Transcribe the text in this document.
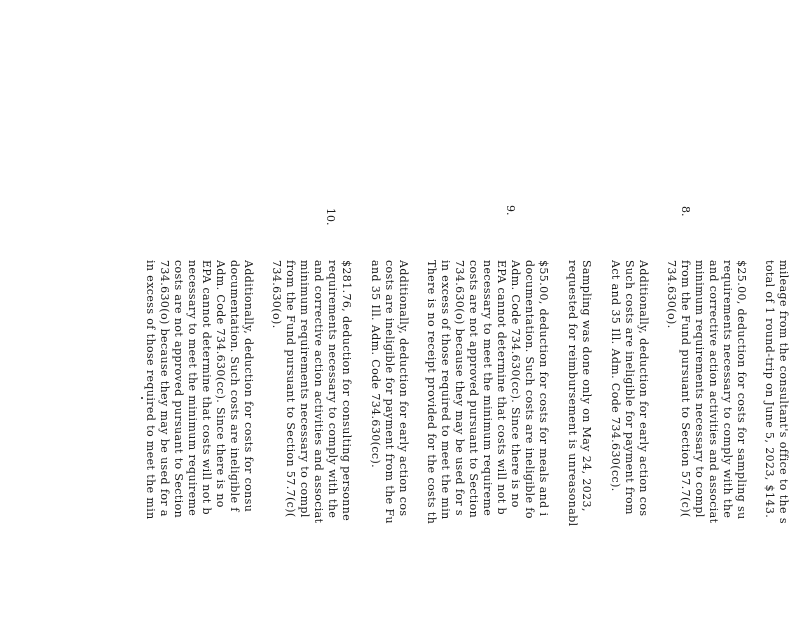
8.
9.
10.
mileage from the consultant's office to the s
total of 1 round-trip on June 5, 2023, $143.
$25.00, deduction for costs for sampling su
requirements necessary to comply with the
and corrective action activities and associat
minimum requirements necessary to compl
from the Fund pursuant to Section 57.7(c)(
734.630(o).
Additionally, deduction for early action cos
Such costs are ineligible for payment from
Act and 35 Ill. Adm. Code 734.630(cc).
Sampling was done only on May 24, 2023,
requested for reimbursement is unreasonabl
$55.00, deduction for costs for meals and i
documentation. Such costs are ineligible fo
Adm. Code 734.630(cc). Since there is no
EPA cannot determine that costs will not b
necessary to meet the minimum requireme
costs are not approved pursuant to Section
734.630(o) because they may be used for s
in excess of those required to meet the min
There is no receipt provided for the costs th
Additionally, deduction for early action cos
costs are ineligible for payment from the Fu
and 35 Ill. Adm. Code 734.630(cc).
$281.76, deduction for consulting personne
requirements necessary to comply with the
and corrective action activities and associat
minimum requirements necessary to compl
from the Fund pursuant to Section 57.7(c)(
734.630(o).
Additionally, deduction for costs for consu
documentation. Such costs are ineligible f
Adm. Code 734.630(cc). Since there is no
EPA cannot determine that costs will not b
necessary to meet the minimum requireme
costs are not approved pursuant to Section
734.630(o) because they may be used for a
in excess of those required to meet the min
